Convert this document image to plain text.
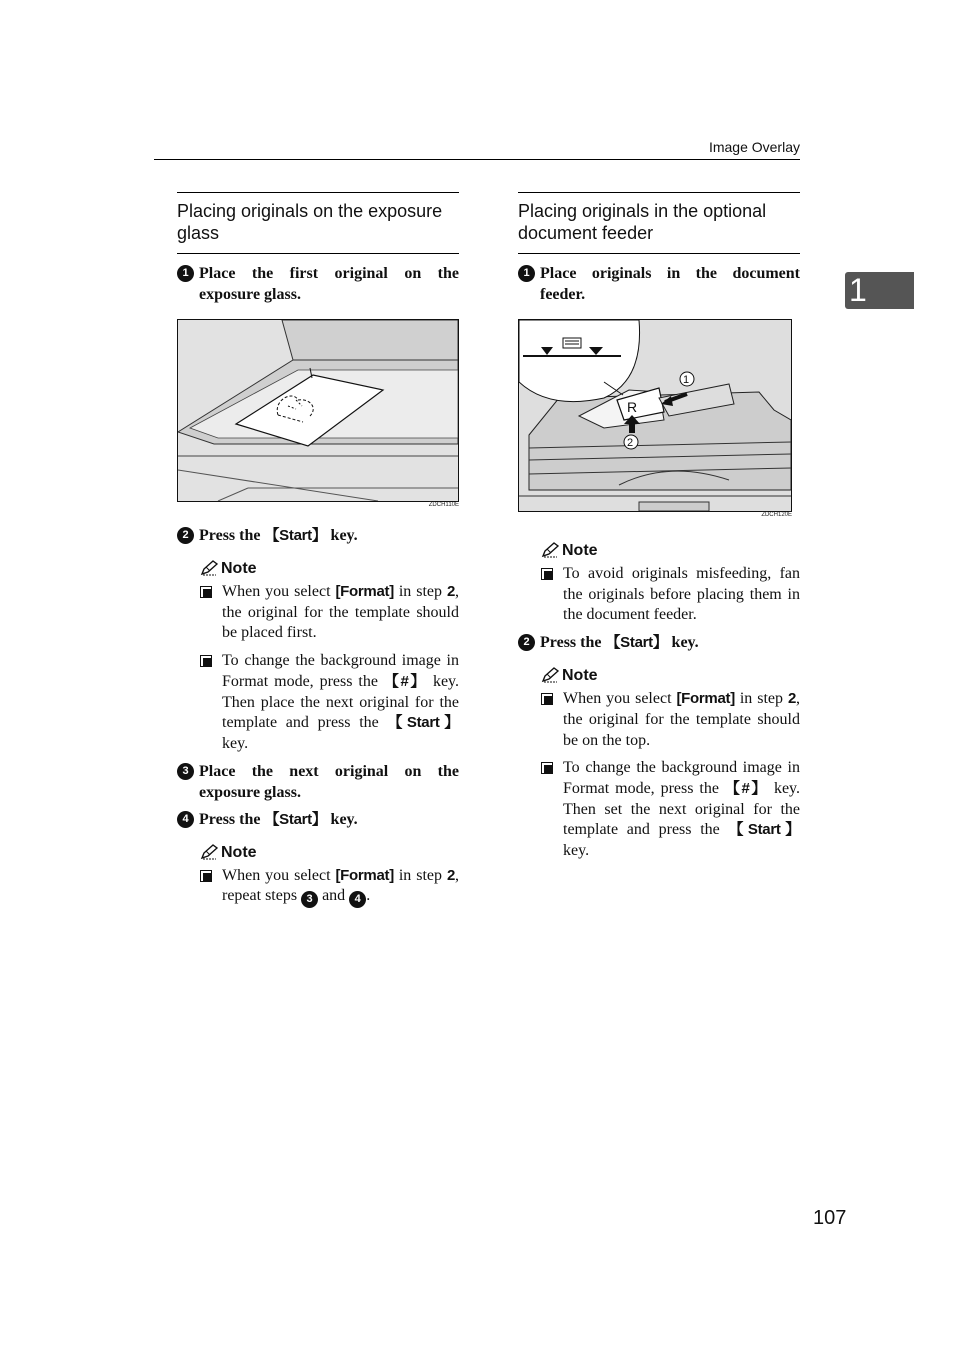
Image Overlay
1
107
Placing originals on the exposure glass
1 Place the first original on the exposure glass.
ZDCH110E
2 Press the 【Start】 key.
Note
When you select [Format] in step 2, the original for the template should be placed first.
To change the background image in Format mode, press the 【#】 key. Then place the next original for the template and press the 【Start】 key.
3 Place the next original on the exposure glass.
4 Press the 【Start】 key.
Note
When you select [Format] in step 2, repeat steps 3 and 4 .
Placing originals in the optional document feeder
1 Place originals in the document feeder.
R
1
2
ZDCH120E
Note
To avoid originals misfeeding, fan the originals before placing them in the document feeder.
2 Press the 【Start】 key.
Note
When you select [Format] in step 2, the original for the template should be on the top.
To change the background image in Format mode, press the 【#】 key. Then set the next original for the template and press the 【Start】 key.
